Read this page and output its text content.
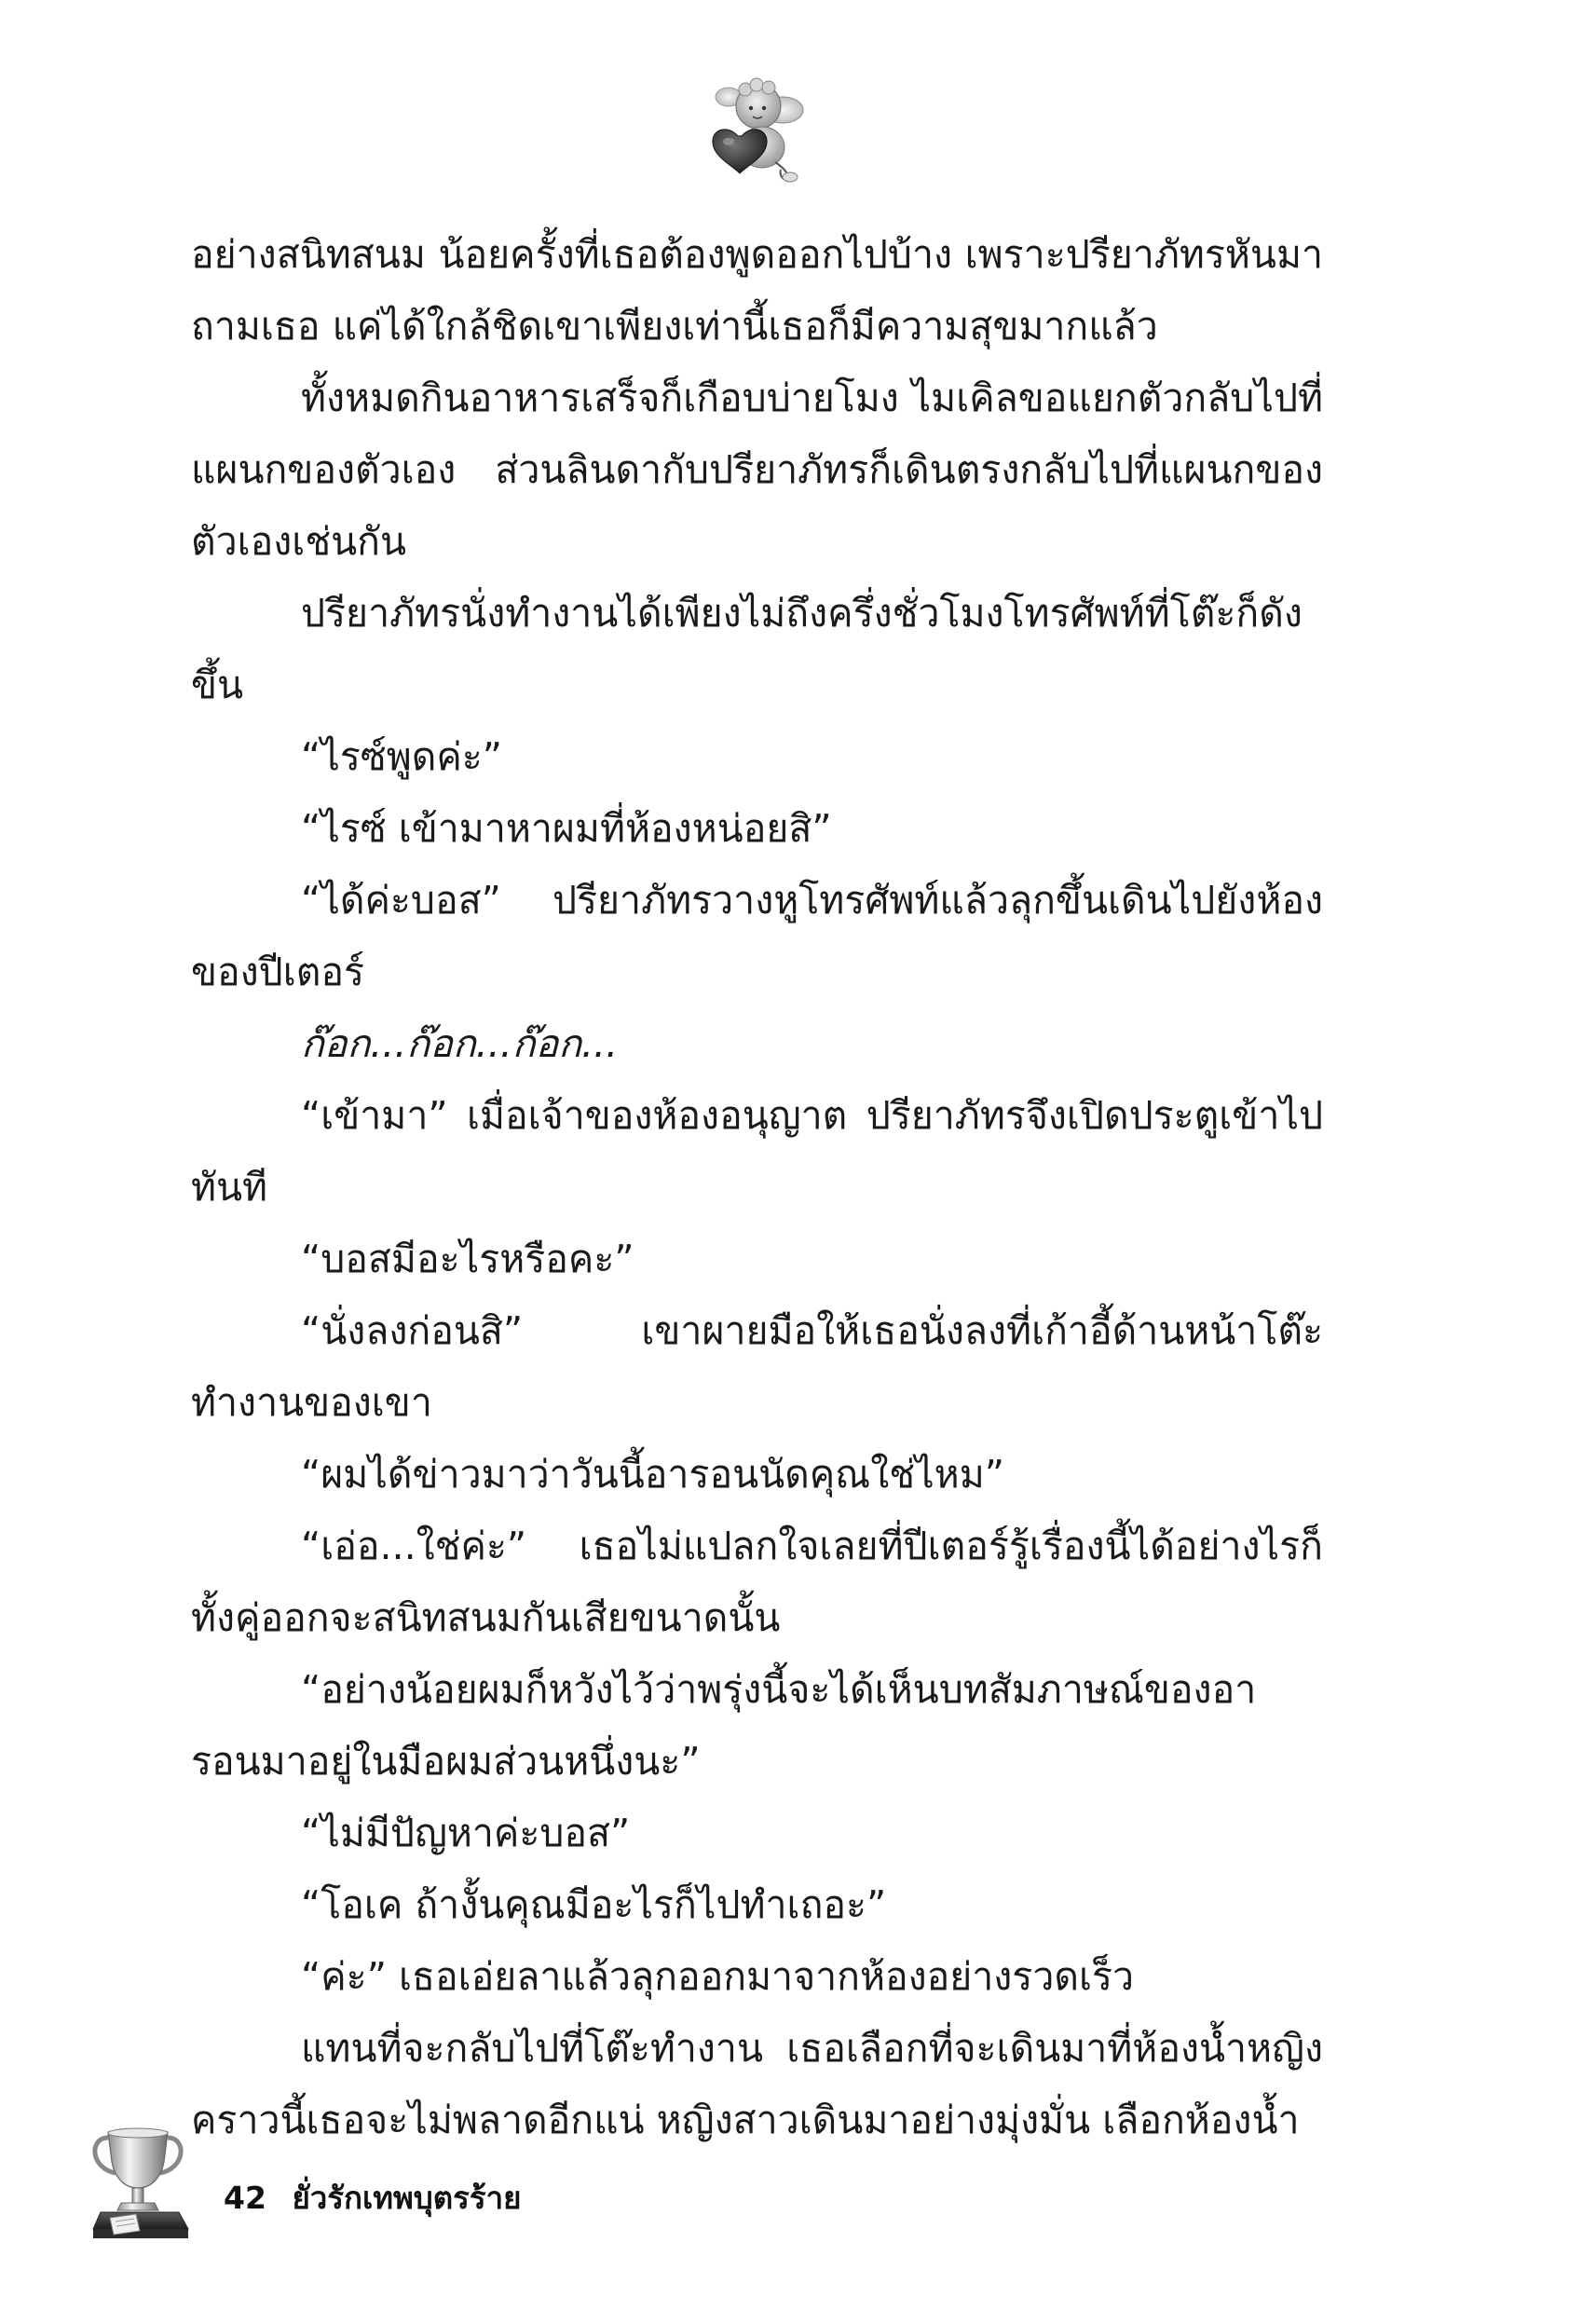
อย่างสนิทสนม น้อยครั้งที่เธอต้องพูดออกไปบ้าง เพราะปรียาภัทรหันมาถามเธอ แค่ได้ใกล้ชิดเขาเพียงเท่านี้เธอก็มีความสุขมากแล้ว

ทั้งหมดกินอาหารเสร็จก็เกือบบ่ายโมง ไมเคิลขอแยกตัวกลับไปที่แผนกของตัวเอง ส่วนลินดากับปรียาภัทรก็เดินตรงกลับไปที่แผนกของตัวเองเช่นกัน

ปรียาภัทรนั่งทำงานได้เพียงไม่ถึงครึ่งชั่วโมงโทรศัพท์ที่โต๊ะก็ดังขึ้น

“ไรซ์พูดค่ะ”

“ไรซ์ เข้ามาหาผมที่ห้องหน่อยสิ”

“ได้ค่ะบอส” ปรียาภัทรวางหูโทรศัพท์แล้วลุกขึ้นเดินไปยังห้องของปีเตอร์

ก๊อก...ก๊อก...ก๊อก...

“เข้ามา” เมื่อเจ้าของห้องอนุญาต ปรียาภัทรจึงเปิดประตูเข้าไปทันที

“บอสมีอะไรหรือคะ”

“นั่งลงก่อนสิ” เขาผายมือให้เธอนั่งลงที่เก้าอี้ด้านหน้าโต๊ะทำงานของเขา

“ผมได้ข่าวมาว่าวันนี้อารอนนัดคุณใช่ไหม”

“เอ่อ...ใช่ค่ะ” เธอไม่แปลกใจเลยที่ปีเตอร์รู้เรื่องนี้ได้อย่างไรก็ทั้งคู่ออกจะสนิทสนมกันเสียขนาดนั้น

“อย่างน้อยผมก็หวังไว้ว่าพรุ่งนี้จะได้เห็นบทสัมภาษณ์ของอารอนมาอยู่ในมือผมส่วนหนึ่งนะ”

“ไม่มีปัญหาค่ะบอส”

“โอเค ถ้างั้นคุณมีอะไรก็ไปทำเถอะ”

“ค่ะ” เธอเอ่ยลาแล้วลุกออกมาจากห้องอย่างรวดเร็ว

แทนที่จะกลับไปที่โต๊ะทำงาน เธอเลือกที่จะเดินมาที่ห้องน้ำหญิงคราวนี้เธอจะไม่พลาดอีกแน่ หญิงสาวเดินมาอย่างมุ่งมั่น เลือกห้องน้ำ

42 ยั่วรักเทพบุตรร้าย
